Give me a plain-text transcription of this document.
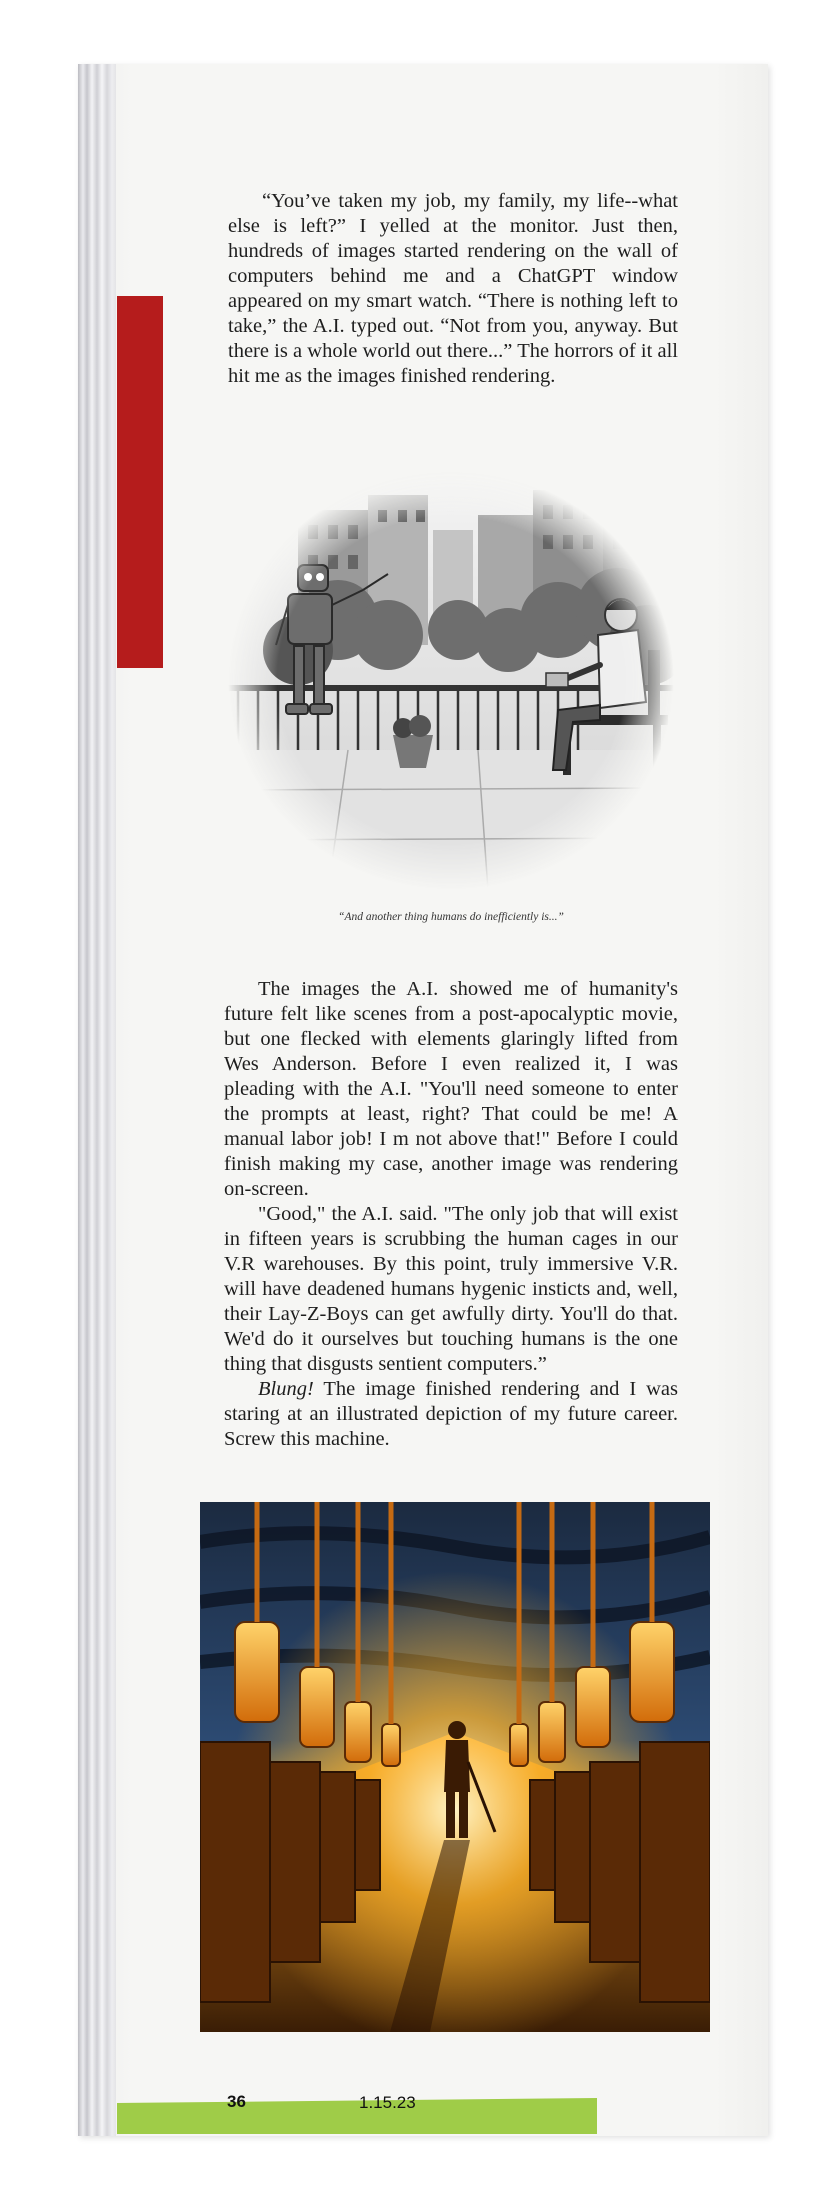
“You’ve taken my job, my family, my life--what else is left?” I yelled at the monitor. Just then, hundreds of images started rendering on the wall of computers behind me and a ChatGPT window appeared on my smart watch. “There is nothing left to take,” the A.I. typed out. “Not from you, anyway. But there is a whole world out there...” The horrors of it all hit me as the images finished rendering.

“And another thing humans do inefficiently is...”

The images the A.I. showed me of humanity's future felt like scenes from a post-apocalyptic movie, but one flecked with elements glaringly lifted from Wes Anderson. Before I even realized it, I was pleading with the A.I. "You'll need someone to enter the prompts at least, right? That could be me! A manual labor job! I m not above that!" Before I could finish making my case, another image was rendering on-screen.

"Good," the A.I. said. "The only job that will exist in fifteen years is scrubbing the human cages in our V.R warehouses. By this point, truly immersive V.R. will have deadened humans hygenic insticts and, well, their Lay-Z-Boys can get awfully dirty. You'll do that. We'd do it ourselves but touching humans is the one thing that disgusts sentient computers.”

Blung! The image finished rendering and I was staring at an illustrated depiction of my future career. Screw this machine.

36	1.15.23
